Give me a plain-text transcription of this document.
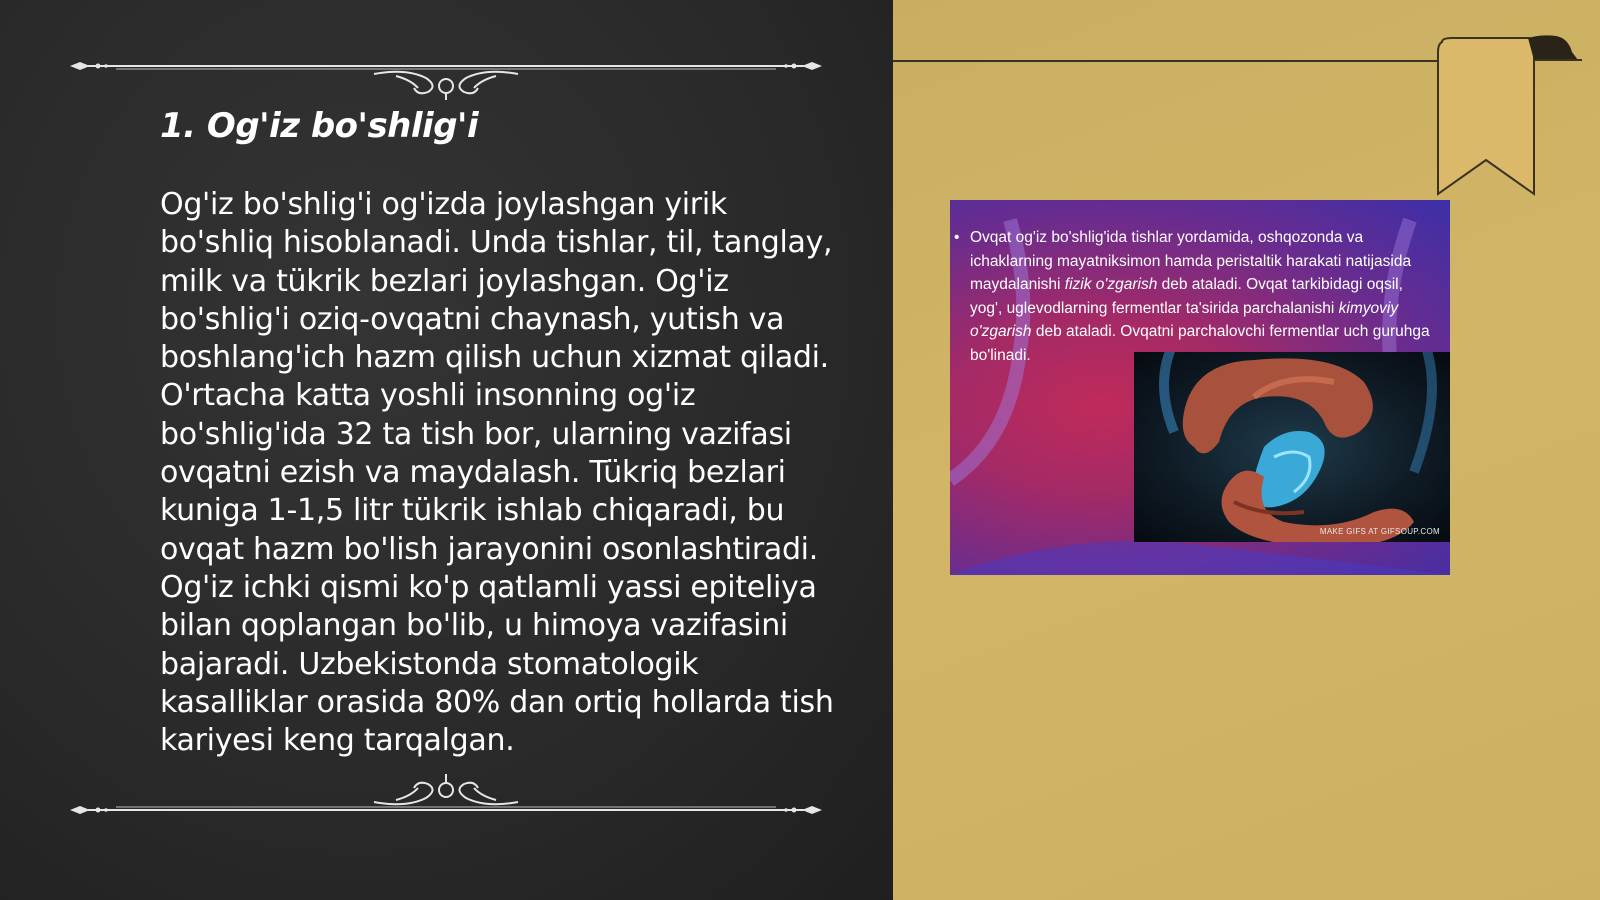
1. Og'iz bo'shlig'i

Og'iz bo'shlig'i og'izda joylashgan yirik bo'shliq hisoblanadi. Unda tishlar, til, tanglay, milk va tükrik bezlari joylashgan. Og'iz bo'shlig'i oziq-ovqatni chaynash, yutish va boshlang'ich hazm qilish uchun xizmat qiladi. O'rtacha katta yoshli insonning og'iz bo'shlig'ida 32 ta tish bor, ularning vazifasi ovqatni ezish va maydalash. Tükriq bezlari kuniga 1-1,5 litr tükrik ishlab chiqaradi, bu ovqat hazm bo'lish jarayonini osonlashtiradi. Og'iz ichki qismi ko'p qatlamli yassi epiteliya bilan qoplangan bo'lib, u himoya vazifasini bajaradi. Uzbekistonda stomatologik kasalliklar orasida 80% dan ortiq hollarda tish kariyesi keng tarqalgan.

• Ovqat og'iz bo'shlig'ida tishlar yordamida, oshqozonda va ichaklarning mayatniksimon hamda peristaltik harakati natijasida maydalanishi fizik o'zgarish deb ataladi. Ovqat tarkibidagi oqsil, yog', uglevodlarning fermentlar ta'sirida parchalanishi kimyoviy o'zgarish deb ataladi. Ovqatni parchalovchi fermentlar uch guruhga bo'linadi.

MAKE GIFS AT GIFSOUP.COM
